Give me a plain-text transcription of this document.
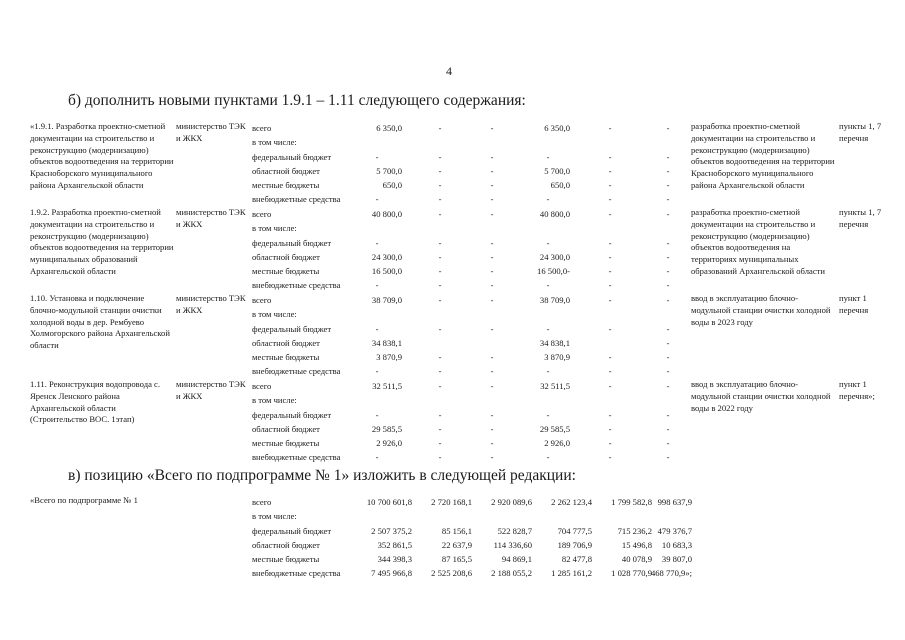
4
б) дополнить новыми пунктами 1.9.1 – 1.11 следующего содержания:
«1.9.1. Разработка проектно-сметной документации на строительство и реконструкцию (модернизацию) объектов водоотведения на территории Красноборского муниципального района Архангельской области
министерство ТЭК и ЖКХ
всего
в том числе:
федеральный бюджет
областной бюджет
местные бюджеты
внебюджетные средства
6 350,0
-
5 700,0
650,0
-
-
-
-
-
-
-
-
-
-
-
6 350,0
-
5 700,0
650,0
-
-
-
-
-
-
-
-
-
-
-
разработка проектно-сметной документации на строительство и реконструкцию (модернизацию) объектов водоотведения на территории Красноборского муниципального района Архангельской области
пункты 1, 7 перечня
1.9.2. Разработка проектно-сметной документации на строительство и реконструкцию (модернизацию) объектов водоотведения на территории муниципальных образований Архангельской области
министерство ТЭК и ЖКХ
всего
в том числе:
федеральный бюджет
областной бюджет
местные бюджеты
внебюджетные средства
40 800,0
-
24 300,0
16 500,0
-
-
-
-
-
-
-
-
-
-
-
40 800,0
-
24 300,0
16 500,0-
-
-
-
-
-
-
-
-
-
-
-
разработка проектно-сметной документации на строительство и реконструкцию (модернизацию) объектов водоотведения на территориях муниципальных образований Архангельской области
пункты 1, 7 перечня
1.10. Установка и подключение блочно-модульной станции очистки холодной воды в дер. Рембуево Холмогорского района Архангельской области
министерство ТЭК и ЖКХ
всего
в том числе:
федеральный бюджет
областной бюджет
местные бюджеты
внебюджетные средства
38 709,0
-
34 838,1
3 870,9
-
-
-
-
-
-
-
-
-
38 709,0
-
34 838,1
3 870,9
-
-
-
-
-
-
-
-
-
-
ввод в эксплуатацию блочно-модульной станции очистки холодной воды в 2023 году
пункт 1 перечня
1.11. Реконструкция водопровода с. Яренск Ленского района Архангельской области (Строительство ВОС. 1этап)
министерство ТЭК и ЖКХ
всего
в том числе:
федеральный бюджет
областной бюджет
местные бюджеты
внебюджетные средства
32 511,5
-
29 585,5
2 926,0
-
-
-
-
-
-
-
-
-
-
-
32 511,5
-
29 585,5
2 926,0
-
-
-
-
-
-
-
-
-
-
-
ввод в эксплуатацию блочно-модульной станции очистки холодной воды в 2022 году
пункт 1 перечня»;
в) позицию «Всего по подпрограмме № 1» изложить в следующей редакции:
«Всего по подпрограмме № 1	всего
в том числе:
федеральный бюджет
областной бюджет
местные бюджеты
внебюджетные средства
10 700 601,8
2 507 375,2
352 861,5
344 398,3
7 495 966,8
2 720 168,1
85 156,1
22 637,9
87 165,5
2 525 208,6
2 920 089,6
522 828,7
114 336,60
94 869,1
2 188 055,2
2 262 123,4
704 777,5
189 706,9
82 477,8
1 285 161,2
1 799 582,8
715 236,2
15 496,8
40 078,9
1 028 770,9
998 637,9
479 376,7
10 683,3
39 807,0
468 770,9»;
